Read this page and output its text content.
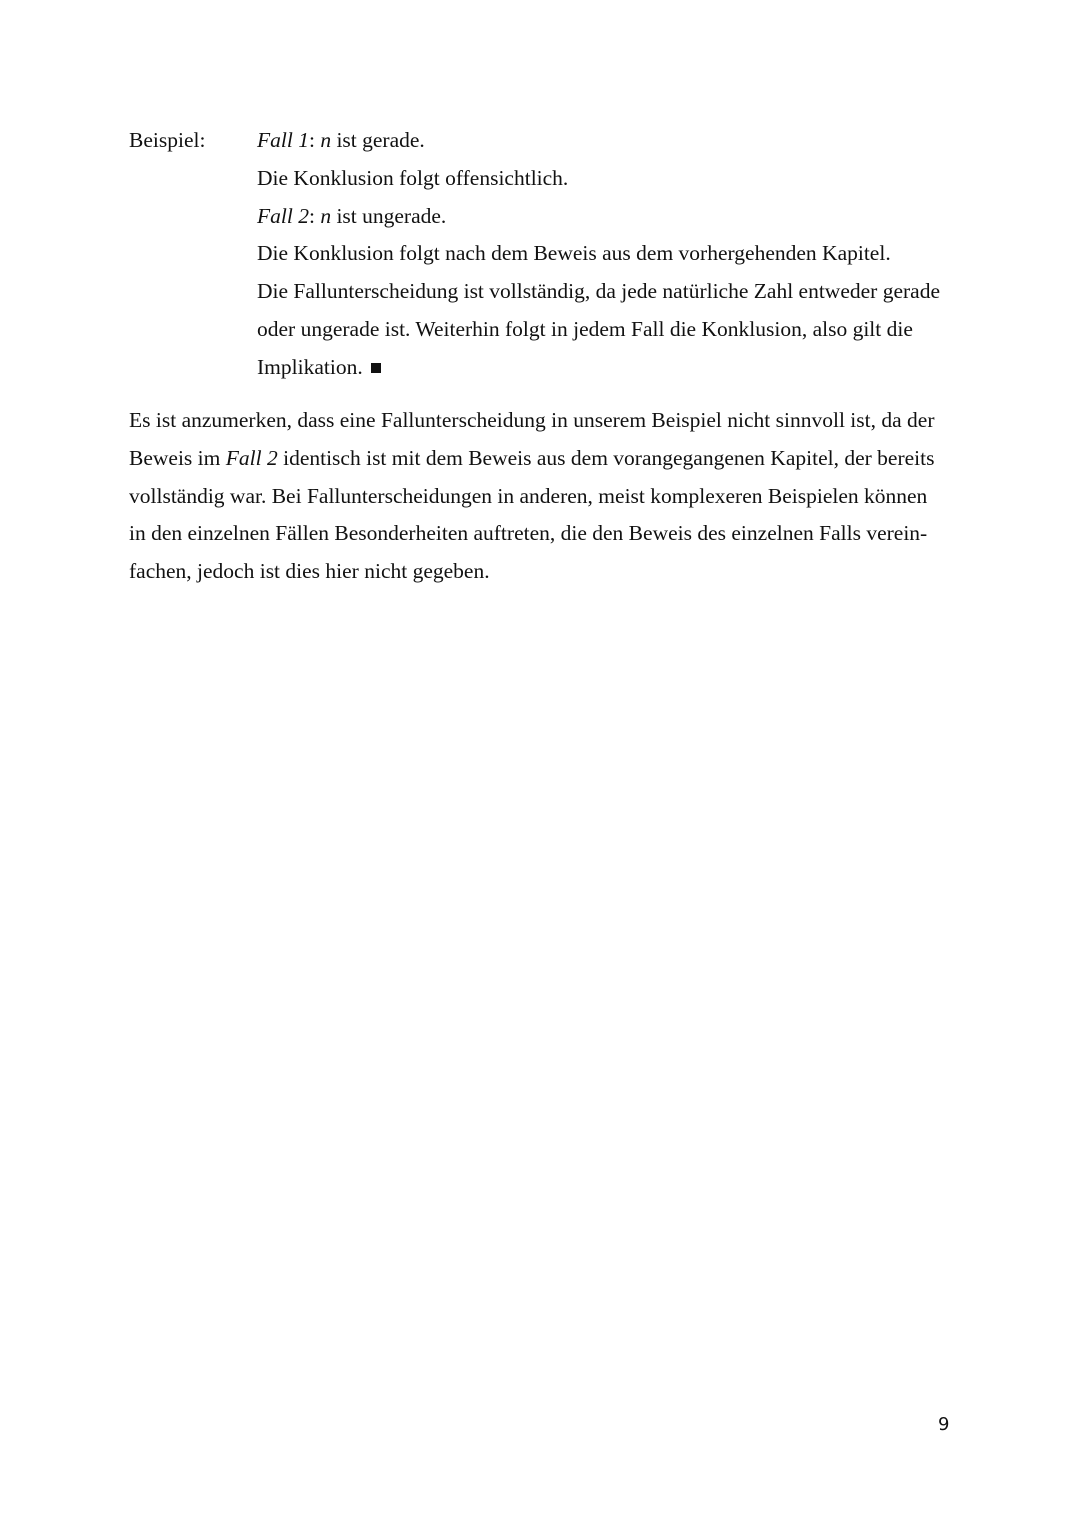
Beispiel: Fall 1: n ist gerade.
Die Konklusion folgt offensichtlich.
Fall 2: n ist ungerade.
Die Konklusion folgt nach dem Beweis aus dem vorhergehenden Kapitel.
Die Fallunterscheidung ist vollständig, da jede natürliche Zahl entweder gerade
oder ungerade ist. Weiterhin folgt in jedem Fall die Konklusion, also gilt die
Implikation.
Es ist anzumerken, dass eine Fallunterscheidung in unserem Beispiel nicht sinnvoll ist, da der
Beweis im Fall 2 identisch ist mit dem Beweis aus dem vorangegangenen Kapitel, der bereits
vollständig war. Bei Fallunterscheidungen in anderen, meist komplexeren Beispielen können
in den einzelnen Fällen Besonderheiten auftreten, die den Beweis des einzelnen Falls verein-
fachen, jedoch ist dies hier nicht gegeben.
9
